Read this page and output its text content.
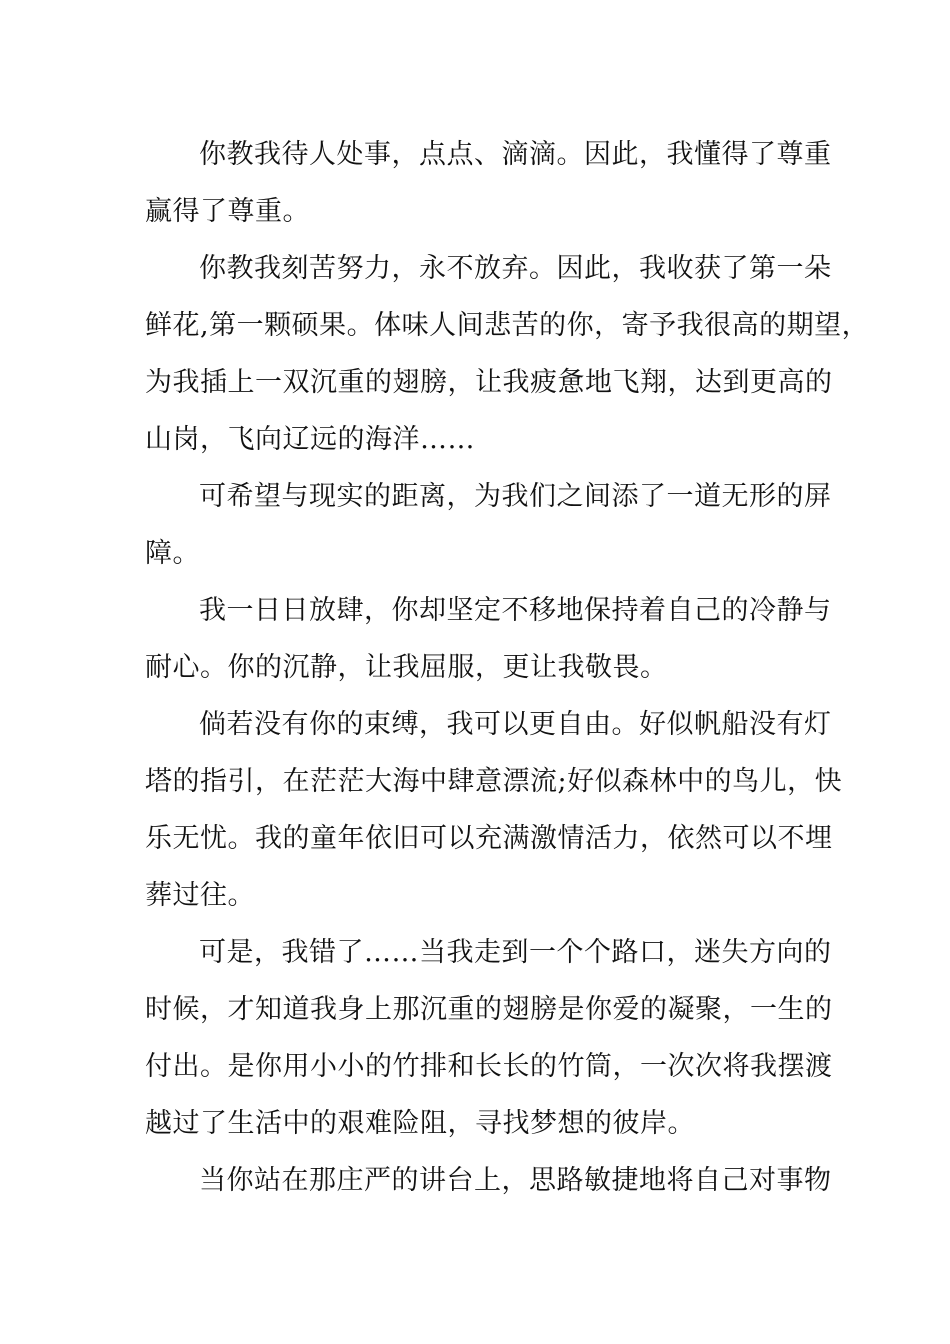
你教我待人处事，点点、滴滴。因此，我懂得了尊重
赢得了尊重。
你教我刻苦努力，永不放弃。因此，我收获了第一朵
鲜花,第一颗硕果。体味人间悲苦的你，寄予我很高的期望，
为我插上一双沉重的翅膀，让我疲惫地飞翔，达到更高的
山岗，飞向辽远的海洋……
可希望与现实的距离，为我们之间添了一道无形的屏
障。
我一日日放肆，你却坚定不移地保持着自己的冷静与
耐心。你的沉静，让我屈服，更让我敬畏。
倘若没有你的束缚，我可以更自由。好似帆船没有灯
塔的指引，在茫茫大海中肆意漂流;好似森林中的鸟儿，快
乐无忧。我的童年依旧可以充满激情活力，依然可以不埋
葬过往。
可是，我错了……当我走到一个个路口，迷失方向的
时候，才知道我身上那沉重的翅膀是你爱的凝聚，一生的
付出。是你用小小的竹排和长长的竹筒，一次次将我摆渡
越过了生活中的艰难险阻，寻找梦想的彼岸。
当你站在那庄严的讲台上，思路敏捷地将自己对事物
